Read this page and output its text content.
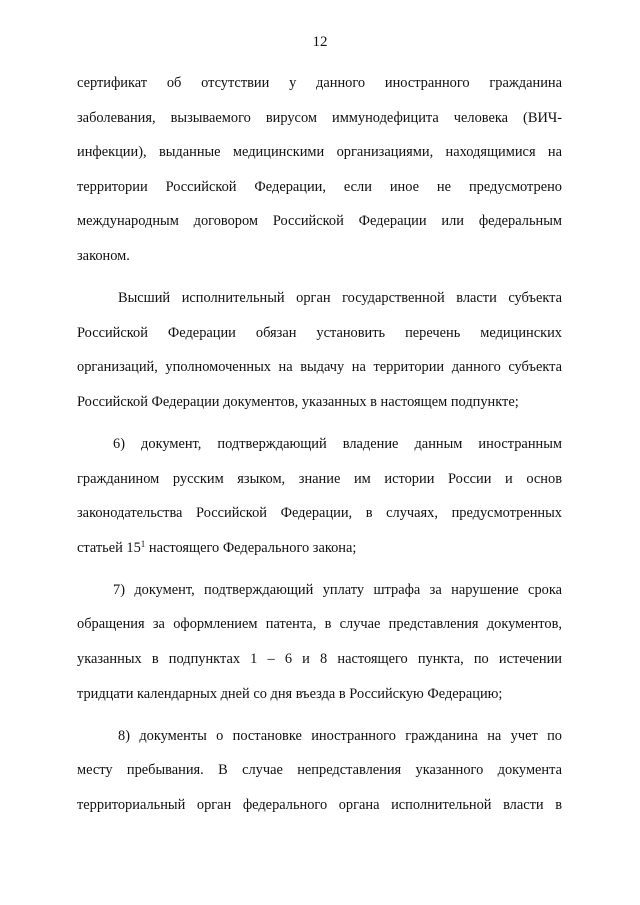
12
сертификат об отсутствии у данного иностранного гражданина
заболевания, вызываемого вирусом иммунодефицита человека (ВИЧ-
инфекции), выданные медицинскими организациями, находящимися на
территории Российской Федерации, если иное не предусмотрено
международным договором Российской Федерации или федеральным
законом.
Высший исполнительный орган государственной власти субъекта
Российской Федерации обязан установить перечень медицинских
организаций, уполномоченных на выдачу на территории данного субъекта
Российской Федерации документов, указанных в настоящем подпункте;
6) документ, подтверждающий владение данным иностранным
гражданином русским языком, знание им истории России и основ
законодательства Российской Федерации, в случаях, предусмотренных
статьей $15^1$ настоящего Федерального закона;
7) документ, подтверждающий уплату штрафа за нарушение срока
обращения за оформлением патента, в случае представления документов,
указанных в подпунктах 1 – 6 и 8 настоящего пункта, по истечении
тридцати календарных дней со дня въезда в Российскую Федерацию;
8) документы о постановке иностранного гражданина на учет по
месту пребывания. В случае непредставления указанного документа
территориальный орган федерального органа исполнительной власти в
